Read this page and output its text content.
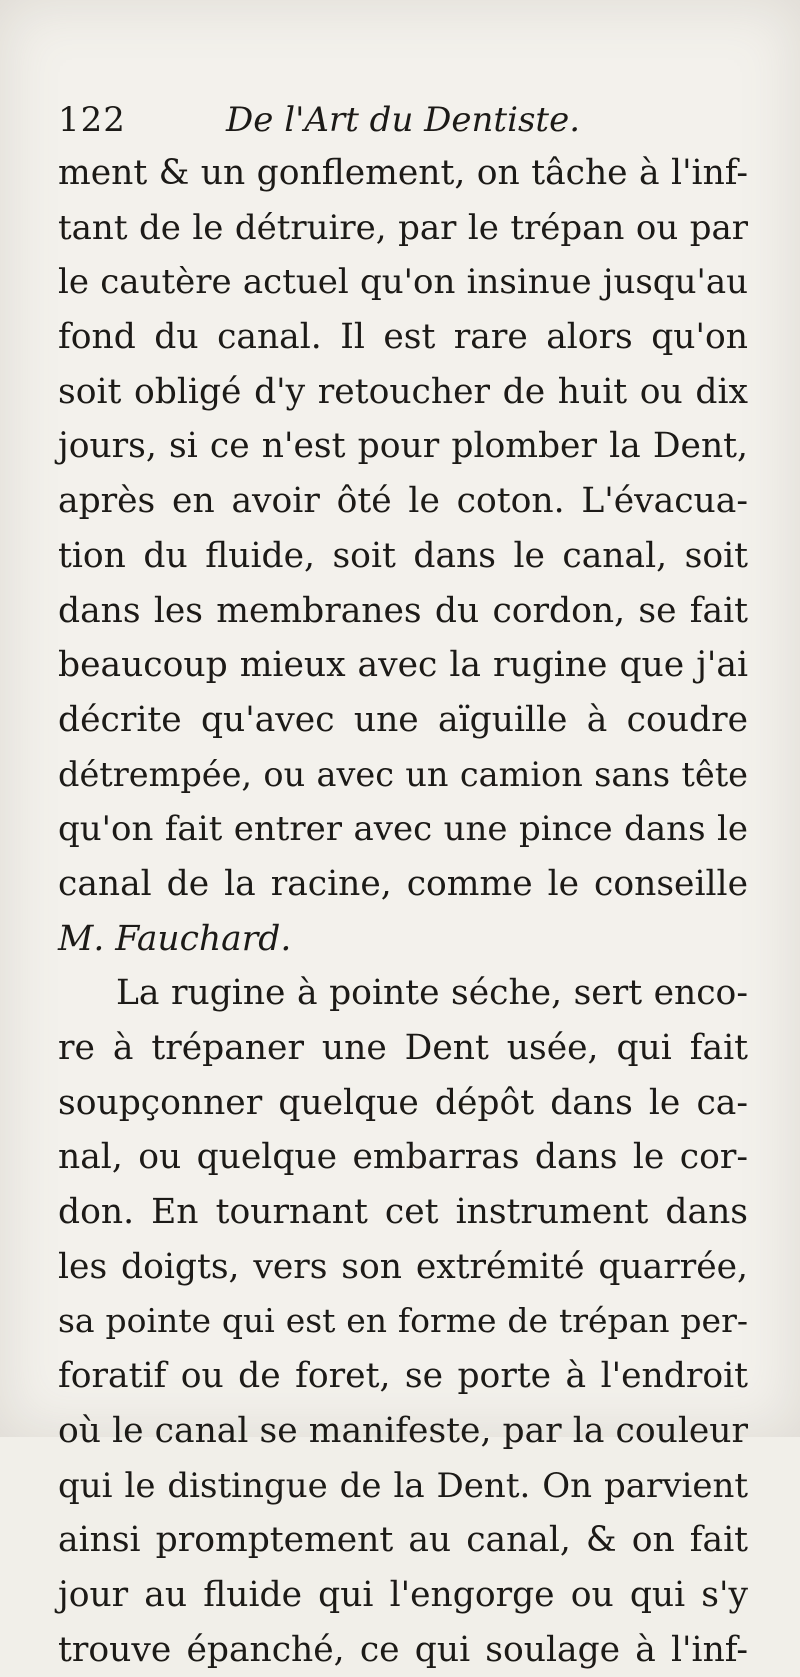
122	De l'Art du Dentiste.
ment & un gonflement, on tâche à l'inf-
tant de le détruire, par le trépan ou par
le cautère actuel qu'on insinue jusqu'au
fond du canal. Il est rare alors qu'on
soit obligé d'y retoucher de huit ou dix
jours, si ce n'est pour plomber la Dent,
après en avoir ôté le coton. L'évacua-
tion du fluide, soit dans le canal, soit
dans les membranes du cordon, se fait
beaucoup mieux avec la rugine que j'ai
décrite qu'avec une aïguille à coudre
détrempée, ou avec un camion sans tête
qu'on fait entrer avec une pince dans le
canal de la racine, comme le conseille
M. Fauchard.
La rugine à pointe séche, sert enco-
re à trépaner une Dent usée, qui fait
soupçonner quelque dépôt dans le ca-
nal, ou quelque embarras dans le cor-
don. En tournant cet instrument dans
les doigts, vers son extrémité quarrée,
sa pointe qui est en forme de trépan per-
foratif ou de foret, se porte à l'endroit
où le canal se manifeste, par la couleur
qui le distingue de la Dent. On parvient
ainsi promptement au canal, & on fait
jour au fluide qui l'engorge ou qui s'y
trouve épanché, ce qui soulage à l'inf-
